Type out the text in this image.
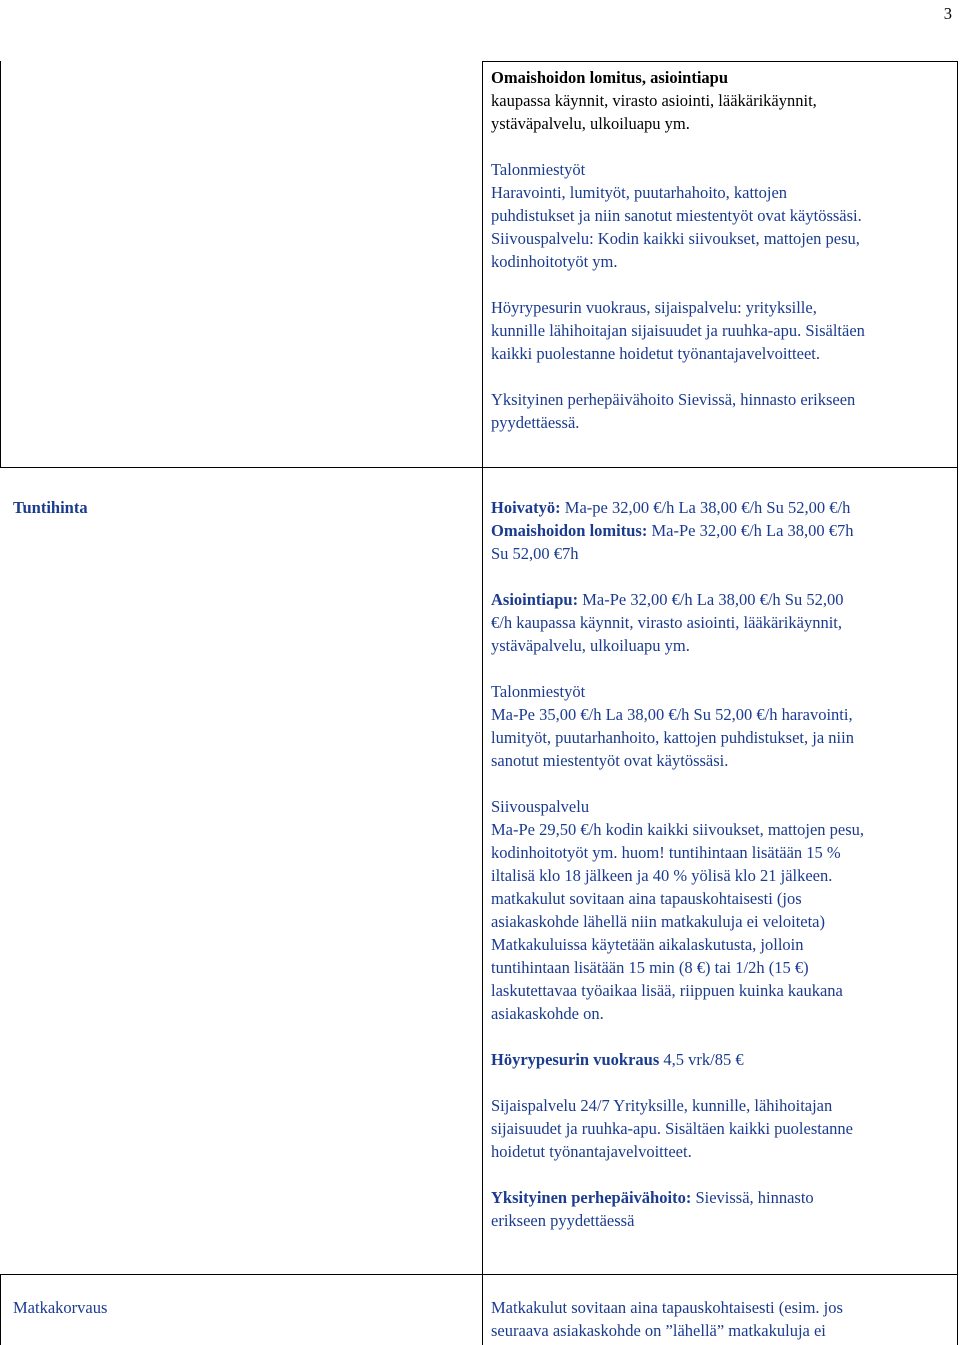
3
Omaishoidon lomitus, asiointiapu
kaupassa käynnit, virasto asiointi, lääkärikäynnit,
ystäväpalvelu, ulkoiluapu ym.
Talonmiestyöt
Haravointi, lumityöt, puutarhahoito, kattojen
puhdistukset ja niin sanotut miestentyöt ovat käytössäsi.
Siivouspalvelu: Kodin kaikki siivoukset, mattojen pesu,
kodinhoitotyöt ym.
Höyrypesurin vuokraus, sijaispalvelu: yrityksille,
kunnille lähihoitajan sijaisuudet ja ruuhka-apu. Sisältäen
kaikki puolestanne hoidetut työnantajavelvoitteet.
Yksityinen perhepäivähoito Sievissä, hinnasto erikseen
pyydettäessä.
Tuntihinta	Hoivatyö: Ma-pe 32,00 €/h La 38,00 €/h Su 52,00 €/h
Omaishoidon lomitus: Ma-Pe 32,00 €/h La 38,00 €7h
Su 52,00 €7h
Asiointiapu: Ma-Pe 32,00 €/h La 38,00 €/h Su 52,00
€/h kaupassa käynnit, virasto asiointi, lääkärikäynnit,
ystäväpalvelu, ulkoiluapu ym.
Talonmiestyöt
Ma-Pe 35,00 €/h La 38,00 €/h Su 52,00 €/h haravointi,
lumityöt, puutarhanhoito, kattojen puhdistukset, ja niin
sanotut miestentyöt ovat käytössäsi.
Siivouspalvelu
Ma-Pe 29,50 €/h kodin kaikki siivoukset, mattojen pesu,
kodinhoitotyöt ym. huom! tuntihintaan lisätään 15 %
iltalisä klo 18 jälkeen ja 40 % yölisä klo 21 jälkeen.
matkakulut sovitaan aina tapauskohtaisesti (jos
asiakaskohde lähellä niin matkakuluja ei veloiteta)
Matkakuluissa käytetään aikalaskutusta, jolloin
tuntihintaan lisätään 15 min (8 €) tai 1/2h (15 €)
laskutettavaa työaikaa lisää, riippuen kuinka kaukana
asiakaskohde on.
Höyrypesurin vuokraus 4,5 vrk/85 €
Sijaispalvelu 24/7 Yrityksille, kunnille, lähihoitajan
sijaisuudet ja ruuhka-apu. Sisältäen kaikki puolestanne
hoidetut työnantajavelvoitteet.
Yksityinen perhepäivähoito: Sievissä, hinnasto
erikseen pyydettäessä
Matkakorvaus	Matkakulut sovitaan aina tapauskohtaisesti (esim. jos
seuraava asiakaskohde on ”lähellä” matkakuluja ei
